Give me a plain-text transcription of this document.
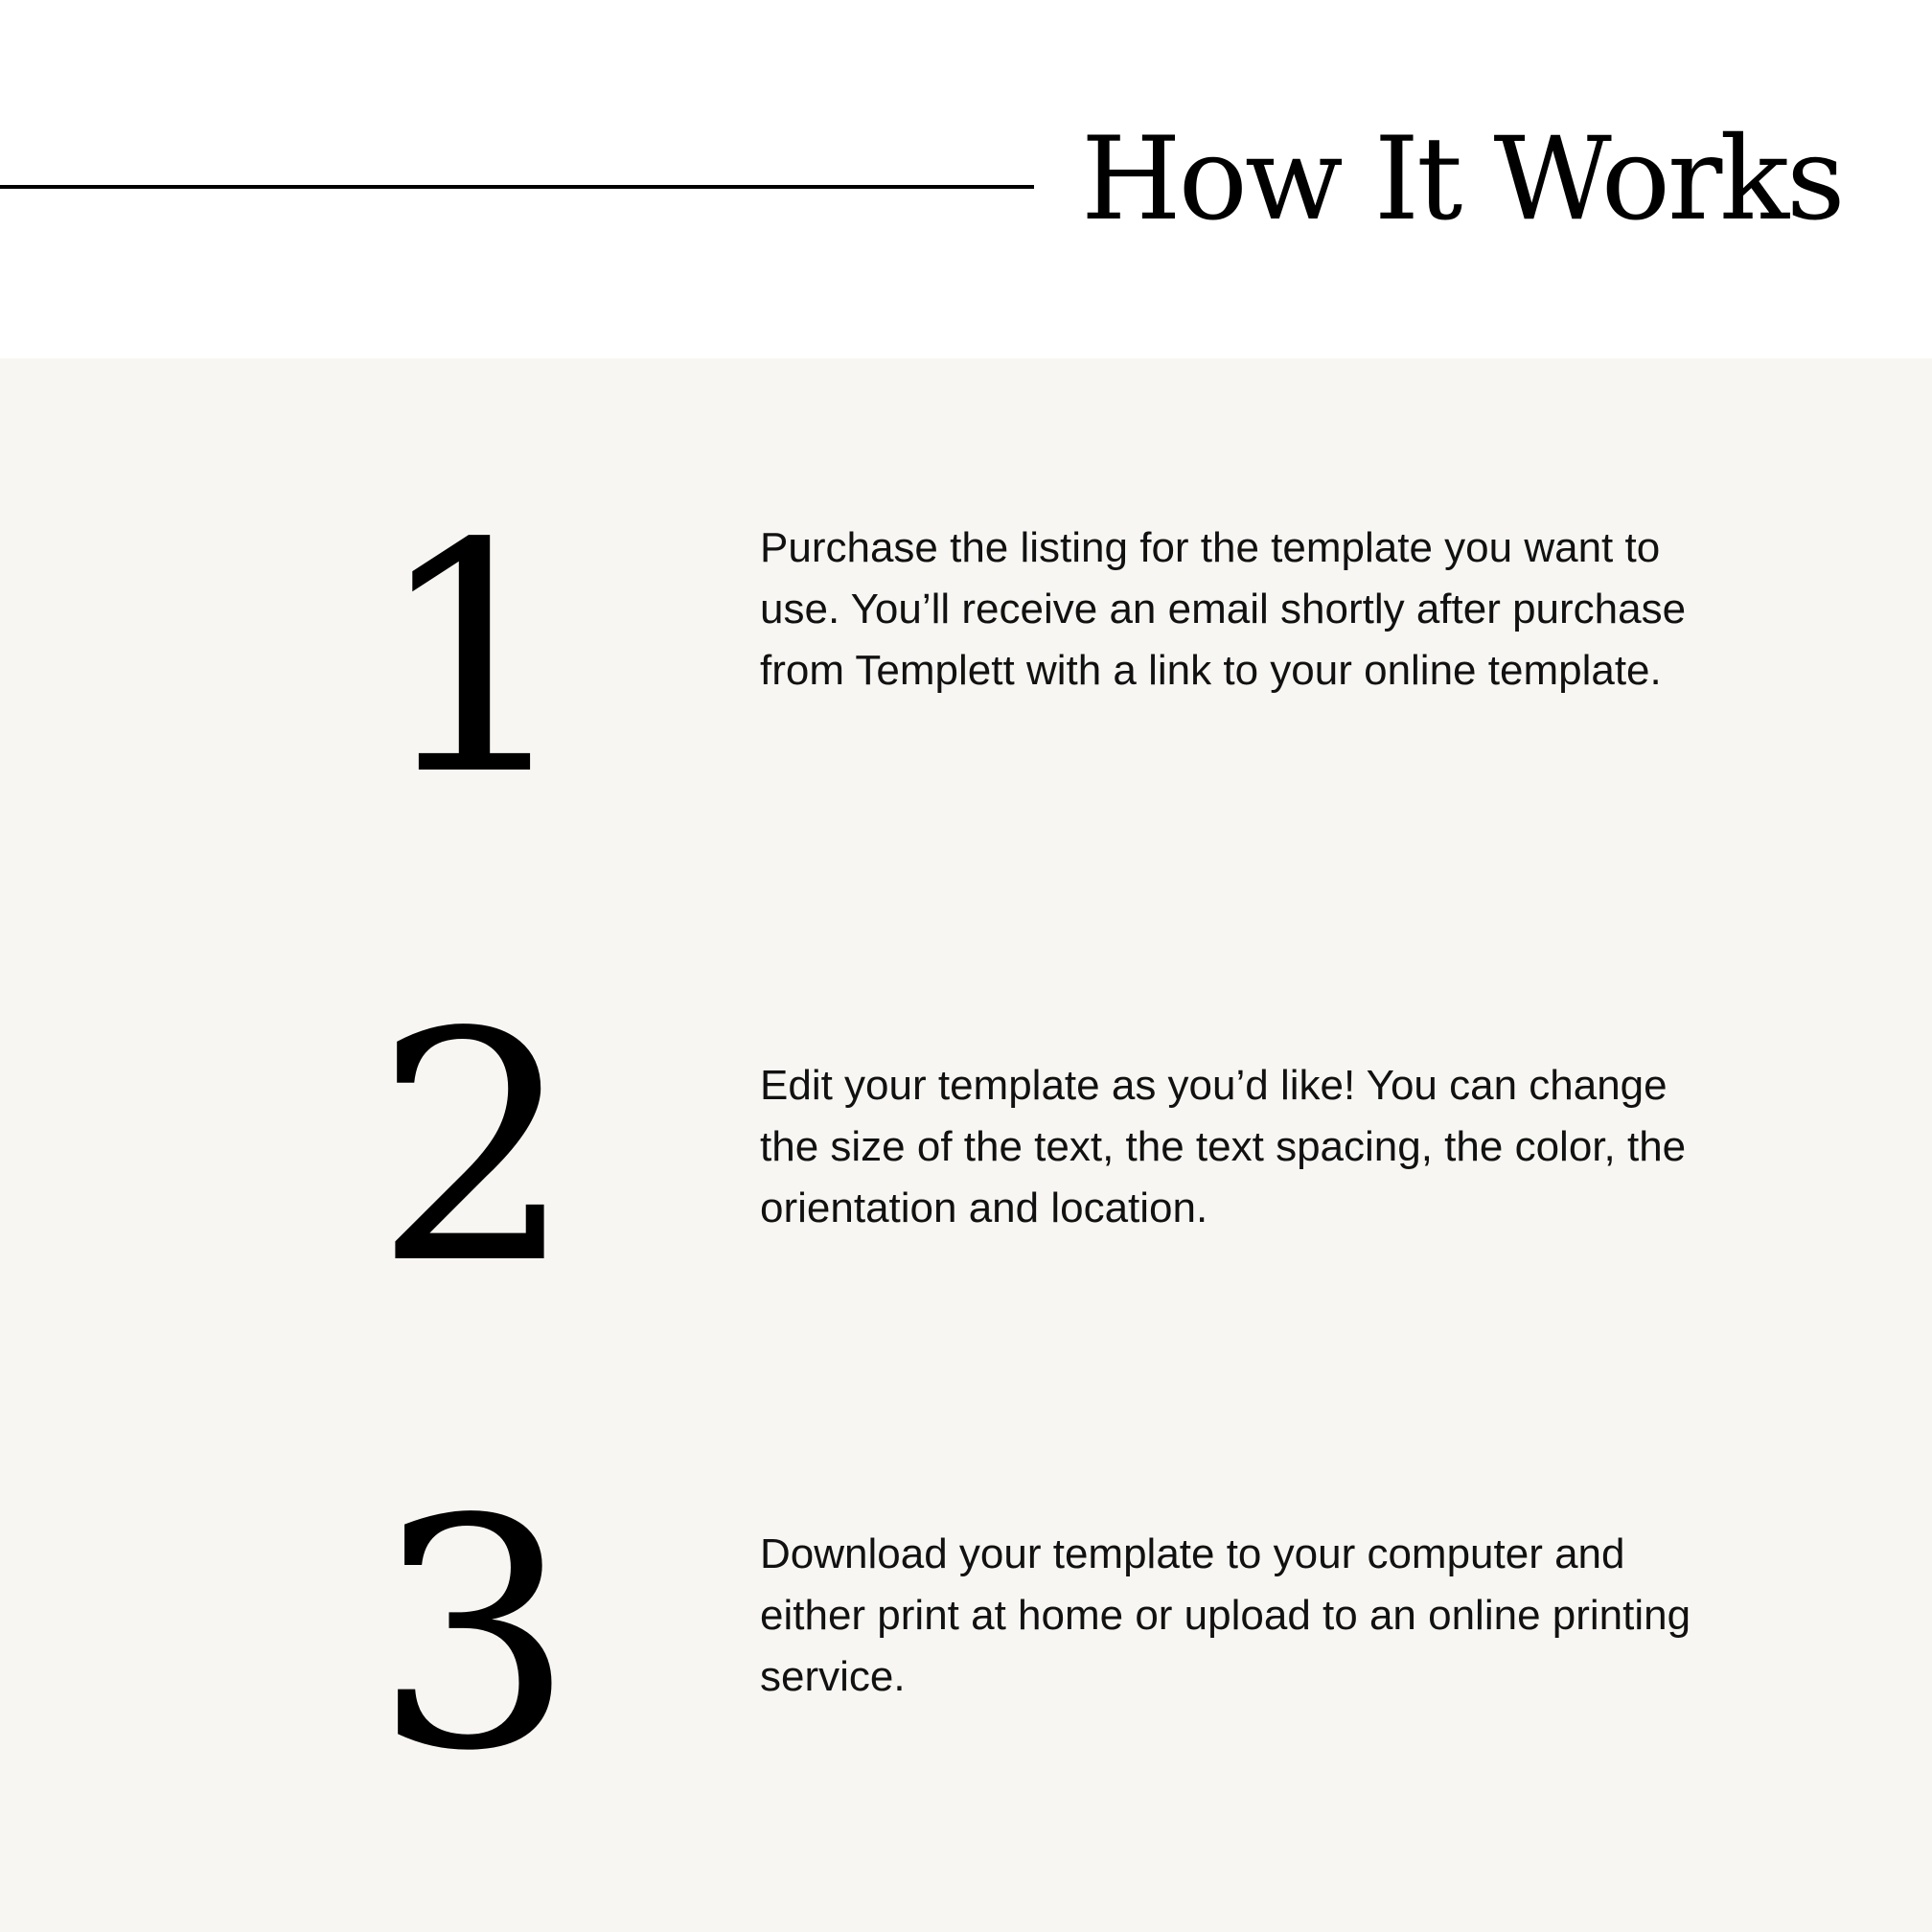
How It Works
1	Purchase the listing for the template you want to use. You’ll receive an email shortly after purchase from Templett with a link to your online template.

2	Edit your template as you’d like! You can change the size of the text, the text spacing, the color, the orientation and location.

3	Download your template to your computer and either print at home or upload to an online printing service.
